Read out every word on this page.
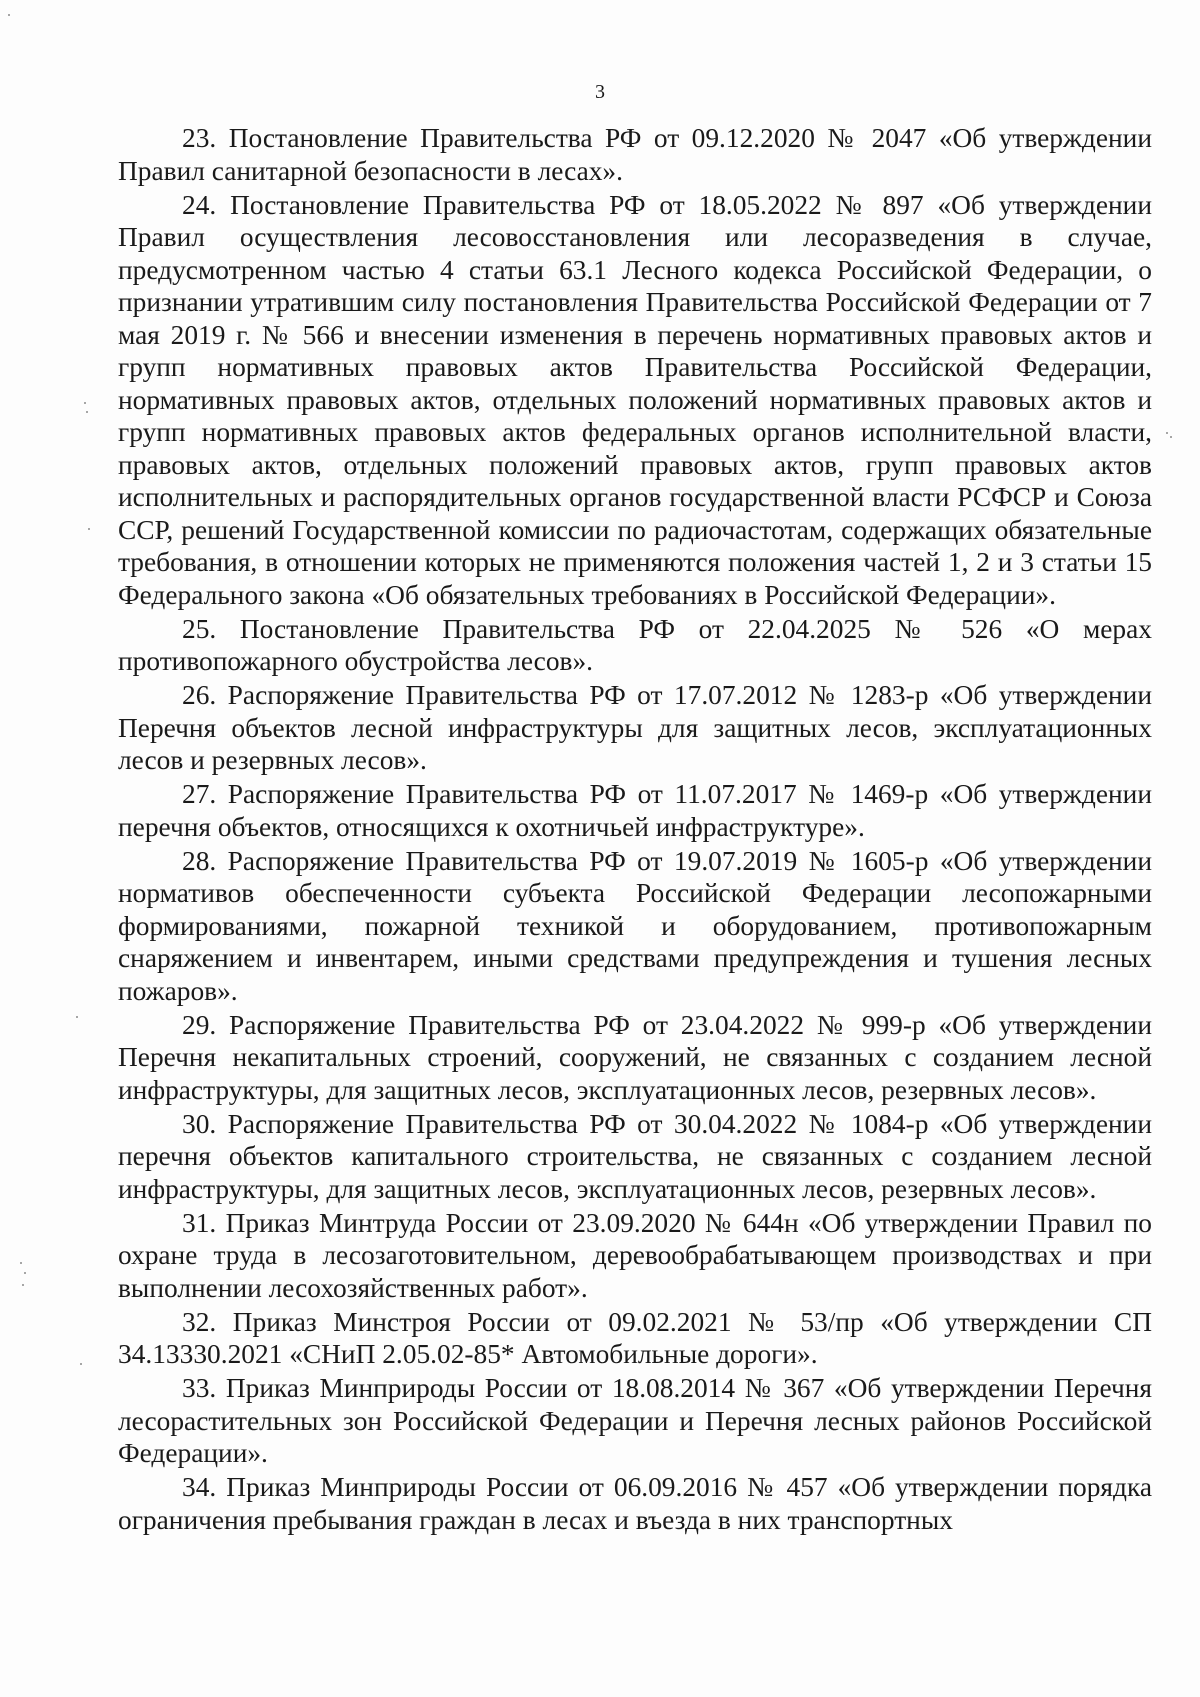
3

23. Постановление Правительства РФ от 09.12.2020 № 2047 «Об утверждении Правил санитарной безопасности в лесах».

24. Постановление Правительства РФ от 18.05.2022 № 897 «Об утверждении Правил осуществления лесовосстановления или лесоразведения в случае, предусмотренном частью 4 статьи 63.1 Лесного кодекса Российской Федерации, о признании утратившим силу постановления Правительства Российской Федерации от 7 мая 2019 г. № 566 и внесении изменения в перечень нормативных правовых актов и групп нормативных правовых актов Правительства Российской Федерации, нормативных правовых актов, отдельных положений нормативных правовых актов и групп нормативных правовых актов федеральных органов исполнительной власти, правовых актов, отдельных положений правовых актов, групп правовых актов исполнительных и распорядительных органов государственной власти РСФСР и Союза ССР, решений Государственной комиссии по радиочастотам, содержащих обязательные требования, в отношении которых не применяются положения частей 1, 2 и 3 статьи 15 Федерального закона «Об обязательных требованиях в Российской Федерации».

25. Постановление Правительства РФ от 22.04.2025 № 526 «О мерах противопожарного обустройства лесов».

26. Распоряжение Правительства РФ от 17.07.2012 № 1283-р «Об утверждении Перечня объектов лесной инфраструктуры для защитных лесов, эксплуатационных лесов и резервных лесов».

27. Распоряжение Правительства РФ от 11.07.2017 № 1469-р «Об утверждении перечня объектов, относящихся к охотничьей инфраструктуре».

28. Распоряжение Правительства РФ от 19.07.2019 № 1605-р «Об утверждении нормативов обеспеченности субъекта Российской Федерации лесопожарными формированиями, пожарной техникой и оборудованием, противопожарным снаряжением и инвентарем, иными средствами предупреждения и тушения лесных пожаров».

29. Распоряжение Правительства РФ от 23.04.2022 № 999-р «Об утверждении Перечня некапитальных строений, сооружений, не связанных с созданием лесной инфраструктуры, для защитных лесов, эксплуатационных лесов, резервных лесов».

30. Распоряжение Правительства РФ от 30.04.2022 № 1084-р «Об утверждении перечня объектов капитального строительства, не связанных с созданием лесной инфраструктуры, для защитных лесов, эксплуатационных лесов, резервных лесов».

31. Приказ Минтруда России от 23.09.2020 № 644н «Об утверждении Правил по охране труда в лесозаготовительном, деревообрабатывающем производствах и при выполнении лесохозяйственных работ».

32. Приказ Минстроя России от 09.02.2021 № 53/пр «Об утверждении СП 34.13330.2021 «СНиП 2.05.02-85* Автомобильные дороги».

33. Приказ Минприроды России от 18.08.2014 № 367 «Об утверждении Перечня лесорастительных зон Российской Федерации и Перечня лесных районов Российской Федерации».

34. Приказ Минприроды России от 06.09.2016 № 457 «Об утверждении порядка ограничения пребывания граждан в лесах и въезда в них транспортных
